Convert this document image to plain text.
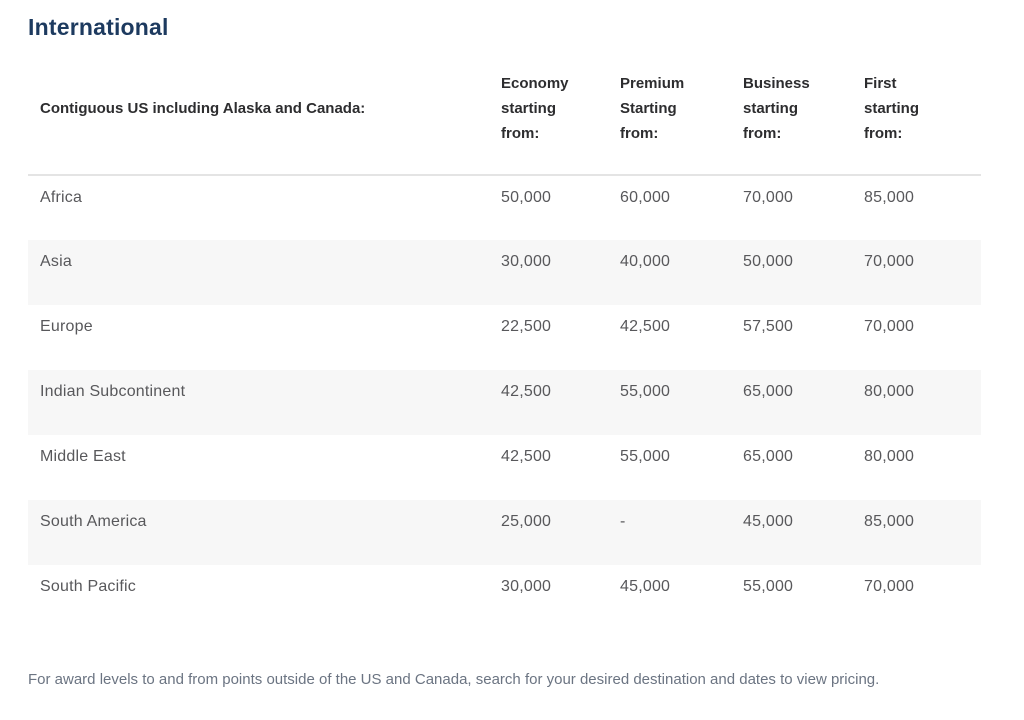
International
Contiguous US including Alaska and Canada:	Economy starting from:	Premium Starting from:	Business starting from:	First starting from:
Africa	50,000	60,000	70,000	85,000
Asia	30,000	40,000	50,000	70,000
Europe	22,500	42,500	57,500	70,000
Indian Subcontinent	42,500	55,000	65,000	80,000
Middle East	42,500	55,000	65,000	80,000
South America	25,000	-	45,000	85,000
South Pacific	30,000	45,000	55,000	70,000

For award levels to and from points outside of the US and Canada, search for your desired destination and dates to view pricing.
